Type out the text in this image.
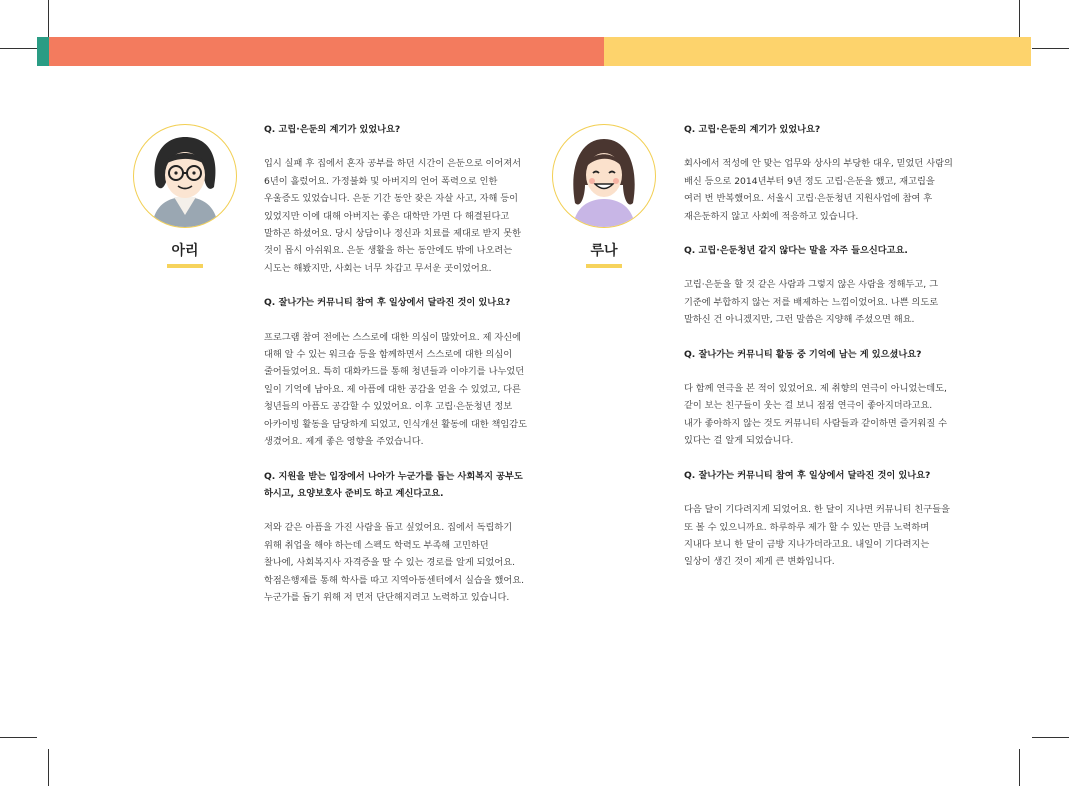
아리

Q. 고립·은둔의 계기가 있었나요?

입시 실패 후 집에서 혼자 공부를 하던 시간이 은둔으로 이어져서
6년이 흘렀어요. 가정불화 및 아버지의 언어 폭력으로 인한
우울증도 있었습니다. 은둔 기간 동안 잦은 자살 사고, 자해 등이
있었지만 이에 대해 아버지는 좋은 대학만 가면 다 해결된다고
말하곤 하셨어요. 당시 상담이나 정신과 치료를 제대로 받지 못한
것이 몹시 아쉬워요. 은둔 생활을 하는 동안에도 밖에 나오려는
시도는 해봤지만, 사회는 너무 차갑고 무서운 곳이었어요.

Q. 잘나가는 커뮤니티 참여 후 일상에서 달라진 것이 있나요?

프로그램 참여 전에는 스스로에 대한 의심이 많았어요. 제 자신에
대해 알 수 있는 워크숍 등을 함께하면서 스스로에 대한 의심이
줄어들었어요. 특히 대화카드를 통해 청년들과 이야기를 나누었던
일이 기억에 남아요. 제 아픔에 대한 공감을 얻을 수 있었고, 다른
청년들의 아픔도 공감할 수 있었어요. 이후 고립·은둔청년 정보
아카이빙 활동을 담당하게 되었고, 인식개선 활동에 대한 책임감도
생겼어요. 제게 좋은 영향을 주었습니다.

Q. 지원을 받는 입장에서 나아가 누군가를 돕는 사회복지 공부도
하시고, 요양보호사 준비도 하고 계신다고요.

저와 같은 아픔을 가진 사람을 돕고 싶었어요. 집에서 독립하기
위해 취업을 해야 하는데 스펙도 학력도 부족해 고민하던
찰나에, 사회복지사 자격증을 딸 수 있는 경로를 알게 되었어요.
학점은행제를 통해 학사를 따고 지역아동센터에서 실습을 했어요.
누군가를 돕기 위해 저 먼저 단단해지려고 노력하고 있습니다.

루나

Q. 고립·은둔의 계기가 있었나요?

회사에서 적성에 안 맞는 업무와 상사의 부당한 대우, 믿었던 사람의
배신 등으로 2014년부터 9년 정도 고립·은둔을 했고, 재고립을
여러 번 반복했어요. 서울시 고립·은둔청년 지원사업에 참여 후
재은둔하지 않고 사회에 적응하고 있습니다.

Q. 고립·은둔청년 같지 않다는 말을 자주 들으신다고요.

고립·은둔을 할 것 같은 사람과 그렇지 않은 사람을 정해두고, 그
기준에 부합하지 않는 저를 배제하는 느낌이었어요. 나쁜 의도로
말하신 건 아니겠지만, 그런 말씀은 지양해 주셨으면 해요.

Q. 잘나가는 커뮤니티 활동 중 기억에 남는 게 있으셨나요?

다 함께 연극을 본 적이 있었어요. 제 취향의 연극이 아니었는데도,
같이 보는 친구들이 웃는 걸 보니 점점 연극이 좋아지더라고요.
내가 좋아하지 않는 것도 커뮤니티 사람들과 같이하면 즐거워질 수
있다는 걸 알게 되었습니다.

Q. 잘나가는 커뮤니티 참여 후 일상에서 달라진 것이 있나요?

다음 달이 기다려지게 되었어요. 한 달이 지나면 커뮤니티 친구들을
또 볼 수 있으니까요. 하루하루 제가 할 수 있는 만큼 노력하며
지내다 보니 한 달이 금방 지나가더라고요. 내일이 기다려지는
일상이 생긴 것이 제게 큰 변화입니다.
